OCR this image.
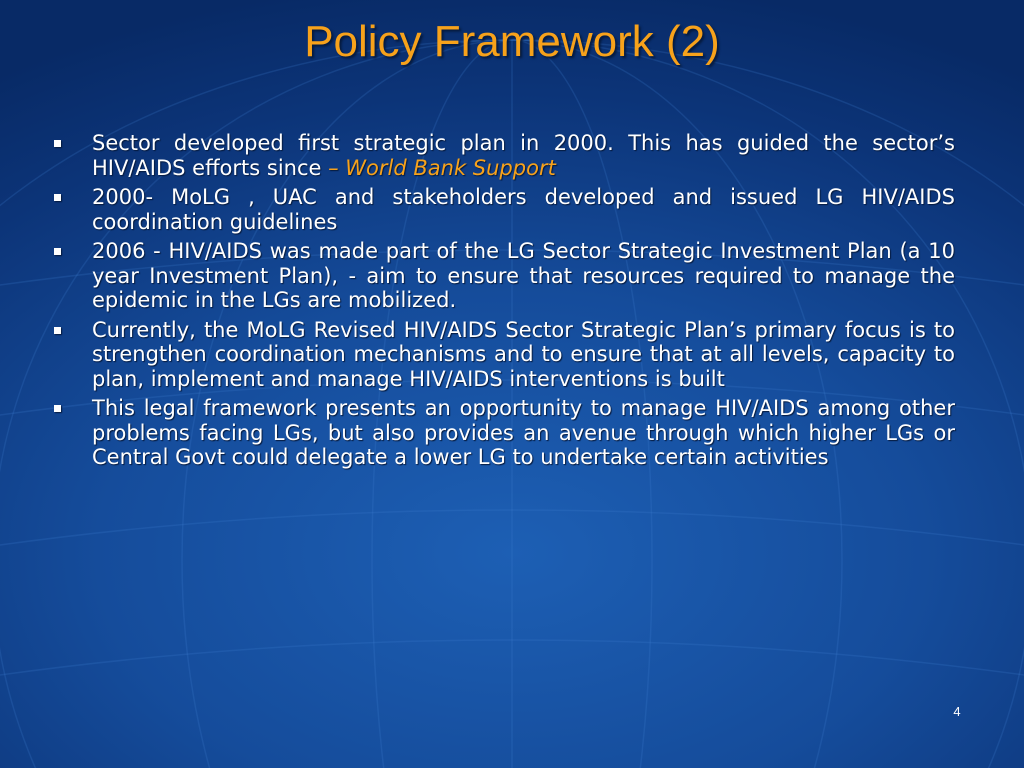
Policy Framework (2)
Sector developed first strategic plan in 2000. This has guided the sector’s HIV/AIDS efforts since – World Bank Support
2000- MoLG , UAC and stakeholders developed and issued LG HIV/AIDS coordination guidelines
2006 - HIV/AIDS was made part of the LG Sector Strategic Investment Plan (a 10 year Investment Plan), - aim to ensure that resources required to manage the epidemic in the LGs are mobilized.
Currently, the MoLG Revised HIV/AIDS Sector Strategic Plan’s primary focus is to strengthen coordination mechanisms and to ensure that at all levels, capacity to plan, implement and manage HIV/AIDS interventions is built
This legal framework presents an opportunity to manage HIV/AIDS among other problems facing LGs, but also provides an avenue through which higher LGs or Central Govt could delegate a lower LG to undertake certain activities
4
